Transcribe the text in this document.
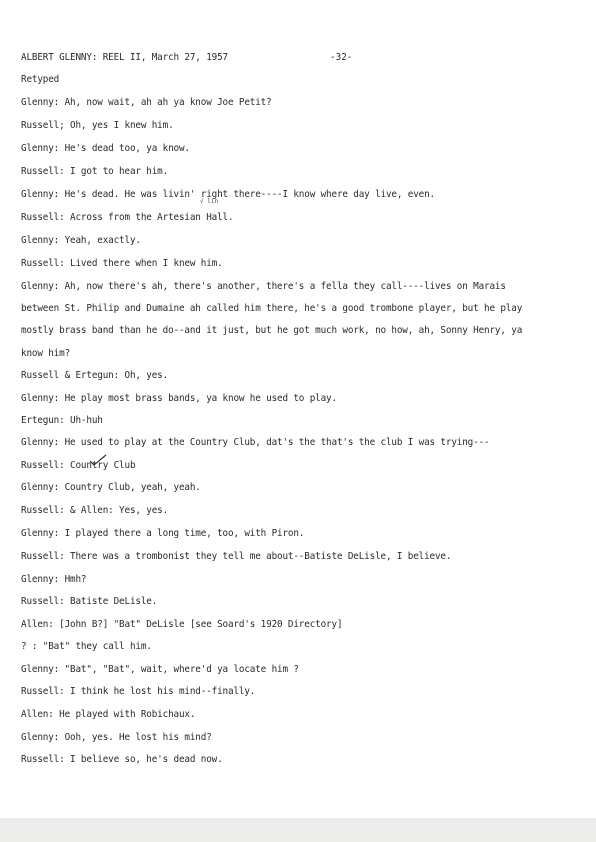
ALBERT GLENNY: REEL II, March 27, 1957	-32-
Retyped
√ lin
Glenny: Ah, now wait, ah ah ya know Joe Petit?
Russell; Oh, yes I knew him.
Glenny: He's dead too, ya know.
Russell: I got to hear him.
Glenny: He's dead. He was livin' right there----I know where day live, even.
Russell: Across from the Artesian Hall.
Glenny: Yeah, exactly.
Russell: Lived there when I knew him.
Glenny: Ah, now there's ah, there's another, there's a fella they call----lives on Marais
between St. Philip and Dumaine ah called him there, he's a good trombone player, but he play
mostly brass band than he do--and it just, but he got much work, no how, ah, Sonny Henry, ya
know him?
Russell & Ertegun: Oh, yes.
Glenny: He play most brass bands, ya know he used to play.
Ertegun: Uh-huh
Glenny: He used to play at the Country Club, dat's the that's the club I was trying---
Russell: Country Club
Glenny: Country Club, yeah, yeah.
Russell: & Allen: Yes, yes.
Glenny: I played there a long time, too, with Piron.
Russell: There was a trombonist they tell me about--Batiste DeLisle, I believe.
Glenny: Hmh?
Russell: Batiste DeLisle.
Allen: [John B?] "Bat" DeLisle [see Soard's 1920 Directory]
? : "Bat" they call him.
Glenny: "Bat", "Bat", wait, where'd ya locate him ?
Russell: I think he lost his mind--finally.
Allen: He played with Robichaux.
Glenny: Ooh, yes. He lost his mind?
Russell: I believe so, he's dead now.
